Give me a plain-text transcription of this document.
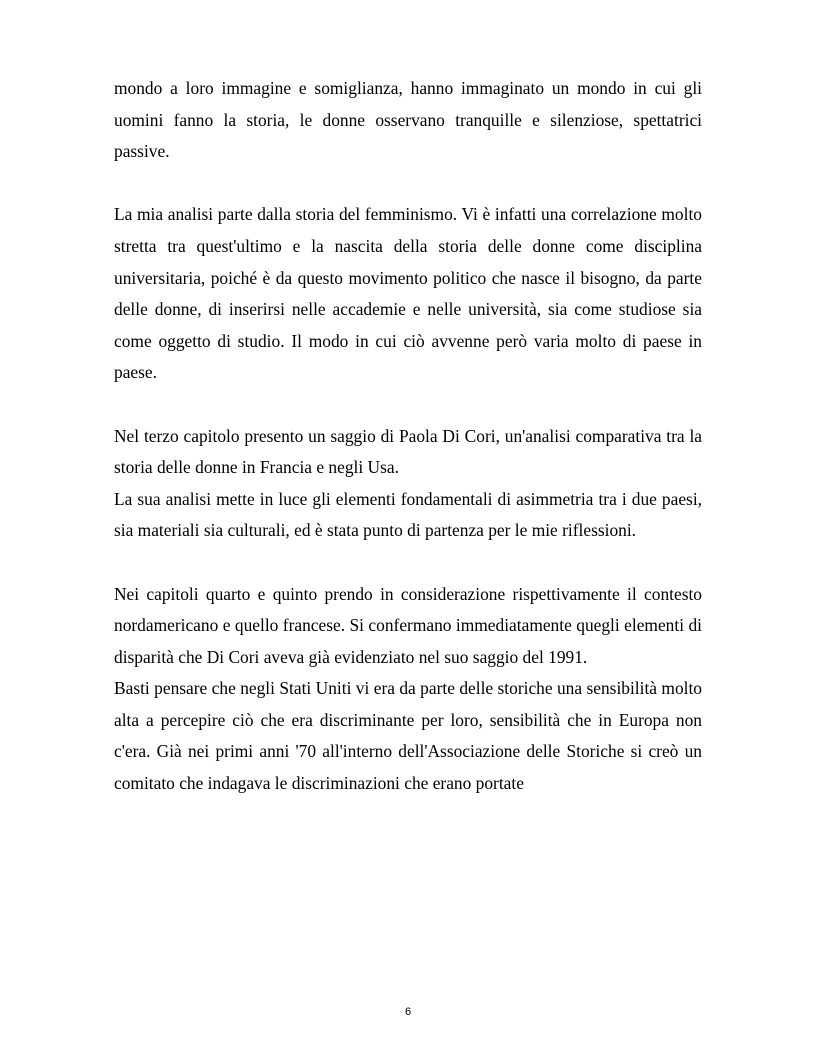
mondo a loro immagine e somiglianza, hanno immaginato un mondo in cui gli uomini fanno la storia, le donne osservano tranquille e silenziose, spettatrici passive.

La mia analisi parte dalla storia del femminismo. Vi è infatti una correlazione molto stretta tra quest'ultimo e la nascita della storia delle donne come disciplina universitaria, poiché è da questo movimento politico che nasce il bisogno, da parte delle donne, di inserirsi nelle accademie e nelle università, sia come studiose sia come oggetto di studio. Il modo in cui ciò avvenne però varia molto di paese in paese.

Nel terzo capitolo presento un saggio di Paola Di Cori, un'analisi comparativa tra la storia delle donne in Francia e negli Usa.

La sua analisi mette in luce gli elementi fondamentali di asimmetria tra i due paesi, sia materiali sia culturali, ed è stata punto di partenza per le mie riflessioni.

Nei capitoli quarto e quinto prendo in considerazione rispettivamente il contesto nordamericano e quello francese. Si confermano immediatamente quegli elementi di disparità che Di Cori aveva già evidenziato nel suo saggio del 1991.

Basti pensare che negli Stati Uniti vi era da parte delle storiche una sensibilità molto alta a percepire ciò che era discriminante per loro, sensibilità che in Europa non c'era. Già nei primi anni '70 all'interno dell'Associazione delle Storiche si creò un comitato che indagava le discriminazioni che erano portate

6
